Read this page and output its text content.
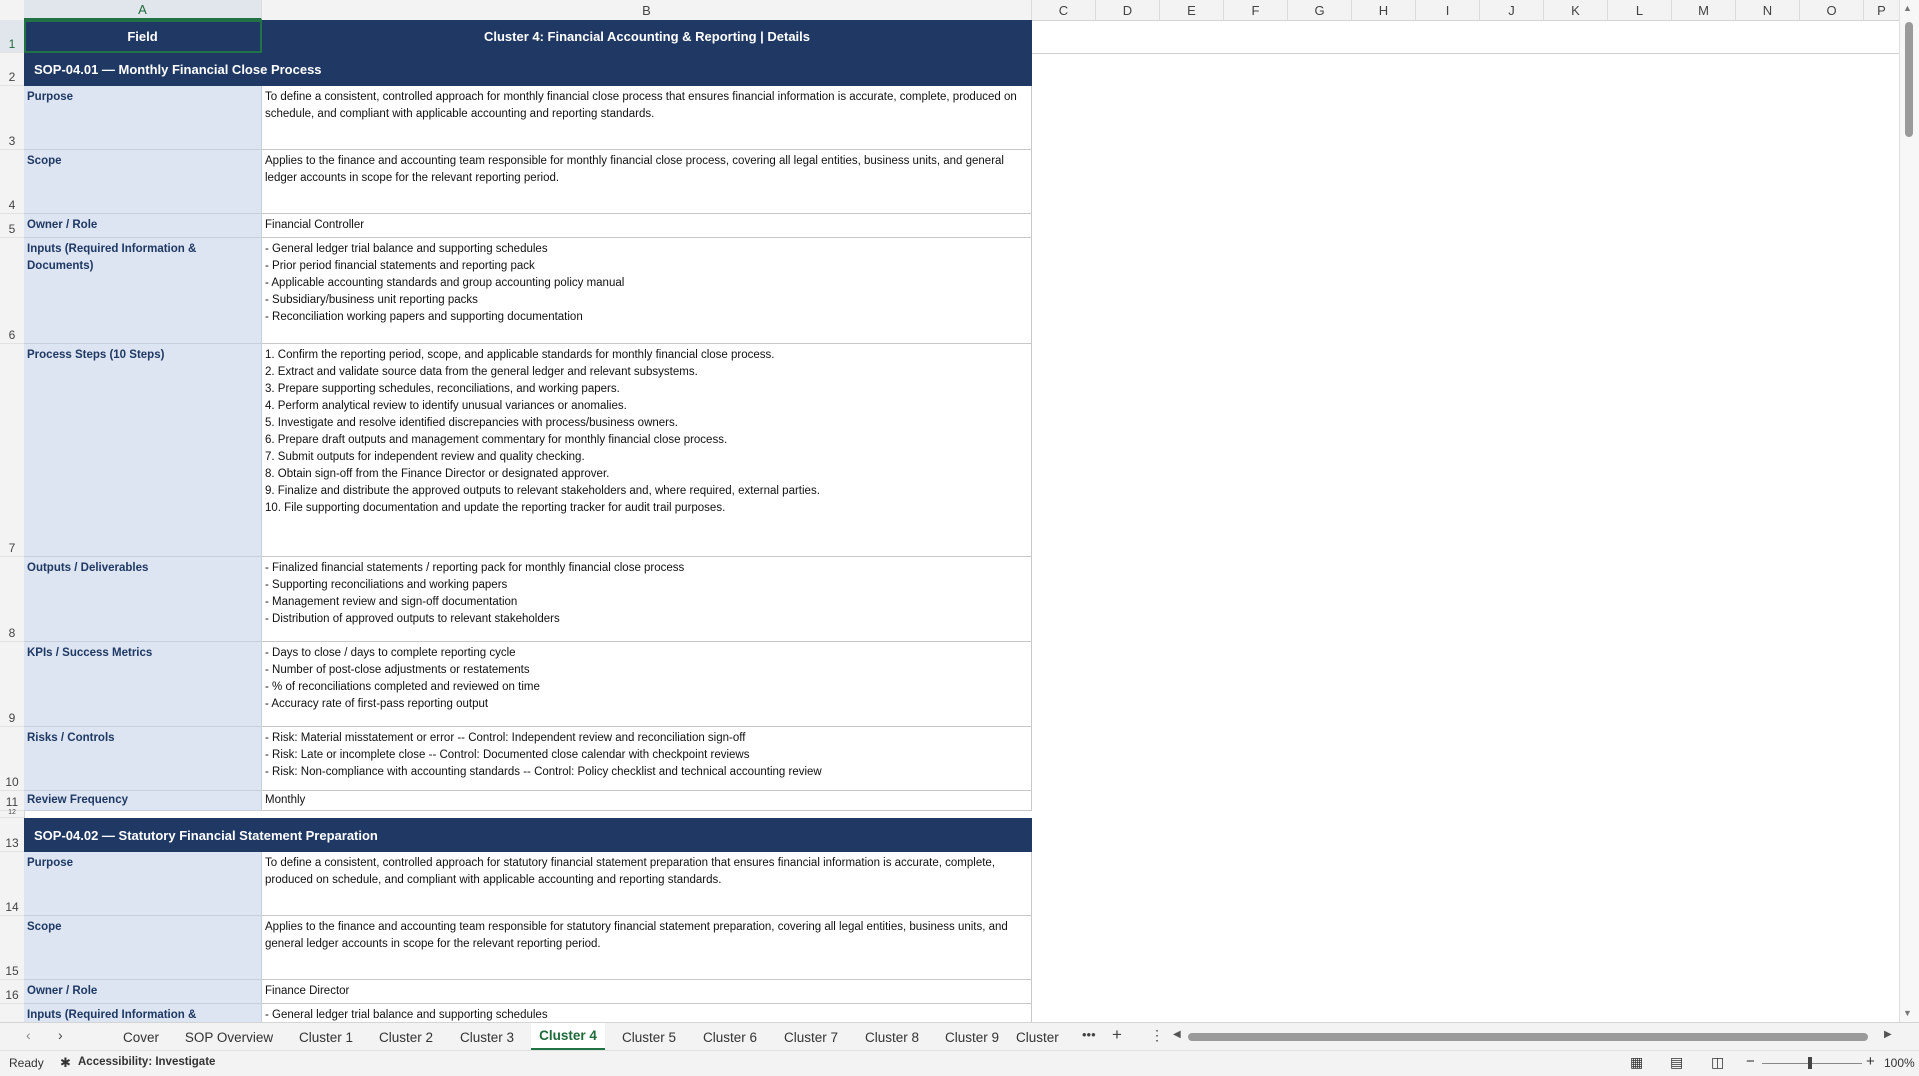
A	B	C	D	E	F	G	H	I	J	K	L	M	N	O	P
1
2
3
4
5
6
7
8
9
10
11
12
13
14
15
16
Field	Cluster 4: Financial Accounting & Reporting | Details
SOP-04.01 — Monthly Financial Close Process
Purpose	To define a consistent, controlled approach for monthly financial close process that ensures financial information is accurate, complete, produced on schedule, and compliant with applicable accounting and reporting standards.
Scope	Applies to the finance and accounting team responsible for monthly financial close process, covering all legal entities, business units, and general ledger accounts in scope for the relevant reporting period.
Owner / Role	Financial Controller
Inputs (Required Information & Documents)
- General ledger trial balance and supporting schedules
- Prior period financial statements and reporting pack
- Applicable accounting standards and group accounting policy manual
- Subsidiary/business unit reporting packs
- Reconciliation working papers and supporting documentation
Process Steps (10 Steps)	1. Confirm the reporting period, scope, and applicable standards for monthly financial close process.
2. Extract and validate source data from the general ledger and relevant subsystems.
3. Prepare supporting schedules, reconciliations, and working papers.
4. Perform analytical review to identify unusual variances or anomalies.
5. Investigate and resolve identified discrepancies with process/business owners.
6. Prepare draft outputs and management commentary for monthly financial close process.
7. Submit outputs for independent review and quality checking.
8. Obtain sign-off from the Finance Director or designated approver.
9. Finalize and distribute the approved outputs to relevant stakeholders and, where required, external parties.
10. File supporting documentation and update the reporting tracker for audit trail purposes.
Outputs / Deliverables	- Finalized financial statements / reporting pack for monthly financial close process
- Supporting reconciliations and working papers
- Management review and sign-off documentation
- Distribution of approved outputs to relevant stakeholders
KPIs / Success Metrics	- Days to close / days to complete reporting cycle
- Number of post-close adjustments or restatements
- % of reconciliations completed and reviewed on time
- Accuracy rate of first-pass reporting output
Risks / Controls	- Risk: Material misstatement or error -- Control: Independent review and reconciliation sign-off
- Risk: Late or incomplete close -- Control: Documented close calendar with checkpoint reviews
- Risk: Non-compliance with accounting standards -- Control: Policy checklist and technical accounting review
Review Frequency	Monthly
SOP-04.02 — Statutory Financial Statement Preparation
Purpose	To define a consistent, controlled approach for statutory financial statement preparation that ensures financial information is accurate, complete, produced on schedule, and compliant with applicable accounting and reporting standards.
Scope	Applies to the finance and accounting team responsible for statutory financial statement preparation, covering all legal entities, business units, and general ledger accounts in scope for the relevant reporting period.
Owner / Role	Finance Director
Inputs (Required Information &	- General ledger trial balance and supporting schedules
▲
▼
‹ ›	Cover	SOP Overview	Cluster 1	Cluster 2	Cluster 3	Cluster 4	Cluster 5	Cluster 6	Cluster 7	Cluster 8	Cluster 9	Cluster	••• + ⋮ ◀	▶
Ready ✱ Accessibility: Investigate	▦ ▤ ◫ −	+ 100%
